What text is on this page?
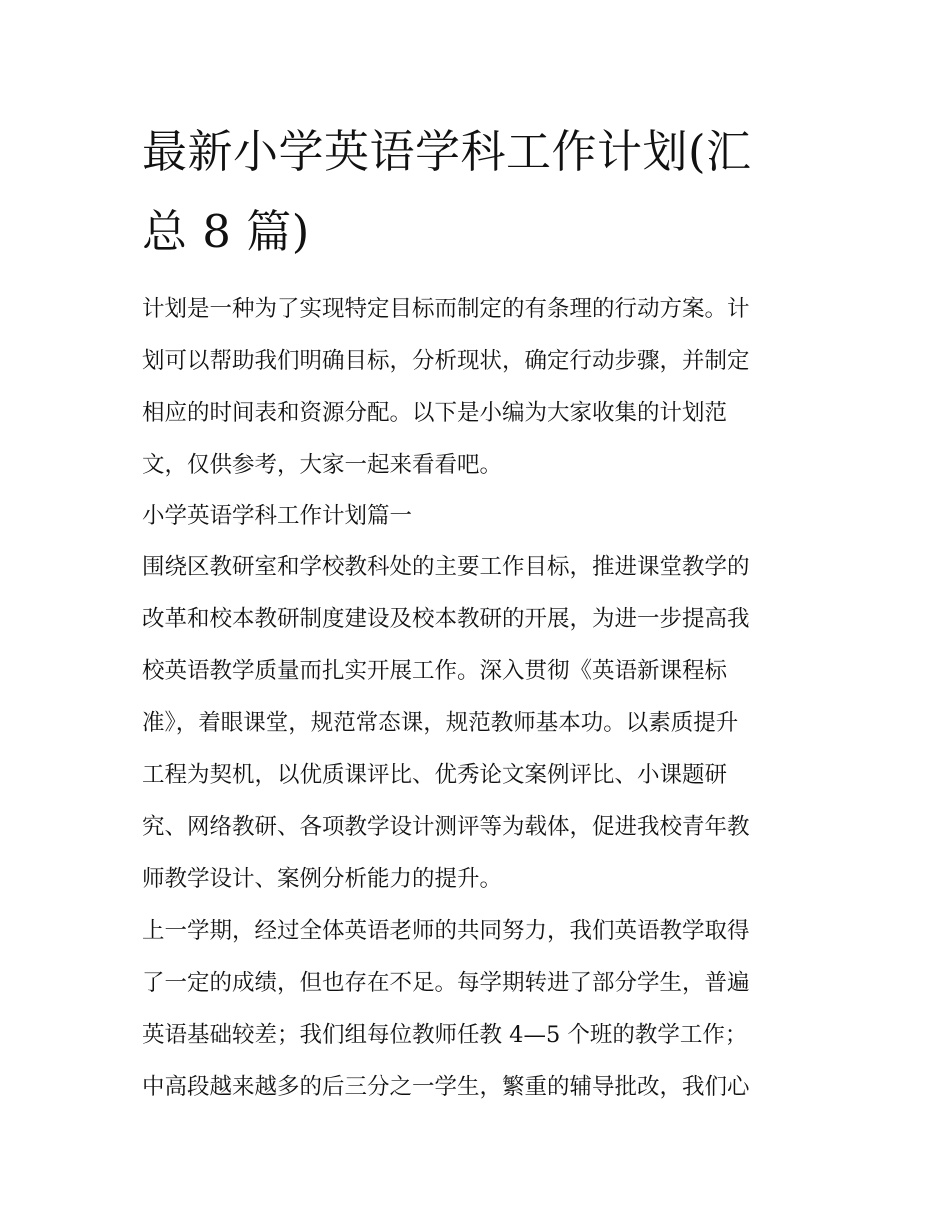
最新小学英语学科工作计划(汇
总 8 篇)

计划是一种为了实现特定目标而制定的有条理的行动方案。计
划可以帮助我们明确目标，分析现状，确定行动步骤，并制定
相应的时间表和资源分配。以下是小编为大家收集的计划范
文，仅供参考，大家一起来看看吧。

小学英语学科工作计划篇一

围绕区教研室和学校教科处的主要工作目标，推进课堂教学的
改革和校本教研制度建设及校本教研的开展，为进一步提高我
校英语教学质量而扎实开展工作。深入贯彻《英语新课程标
准》，着眼课堂，规范常态课，规范教师基本功。以素质提升
工程为契机，以优质课评比、优秀论文案例评比、小课题研
究、网络教研、各项教学设计测评等为载体，促进我校青年教
师教学设计、案例分析能力的提升。

上一学期，经过全体英语老师的共同努力，我们英语教学取得
了一定的成绩，但也存在不足。每学期转进了部分学生，普遍
英语基础较差；我们组每位教师任教 4—5 个班的教学工作；
中高段越来越多的后三分之一学生，繁重的辅导批改，我们心
